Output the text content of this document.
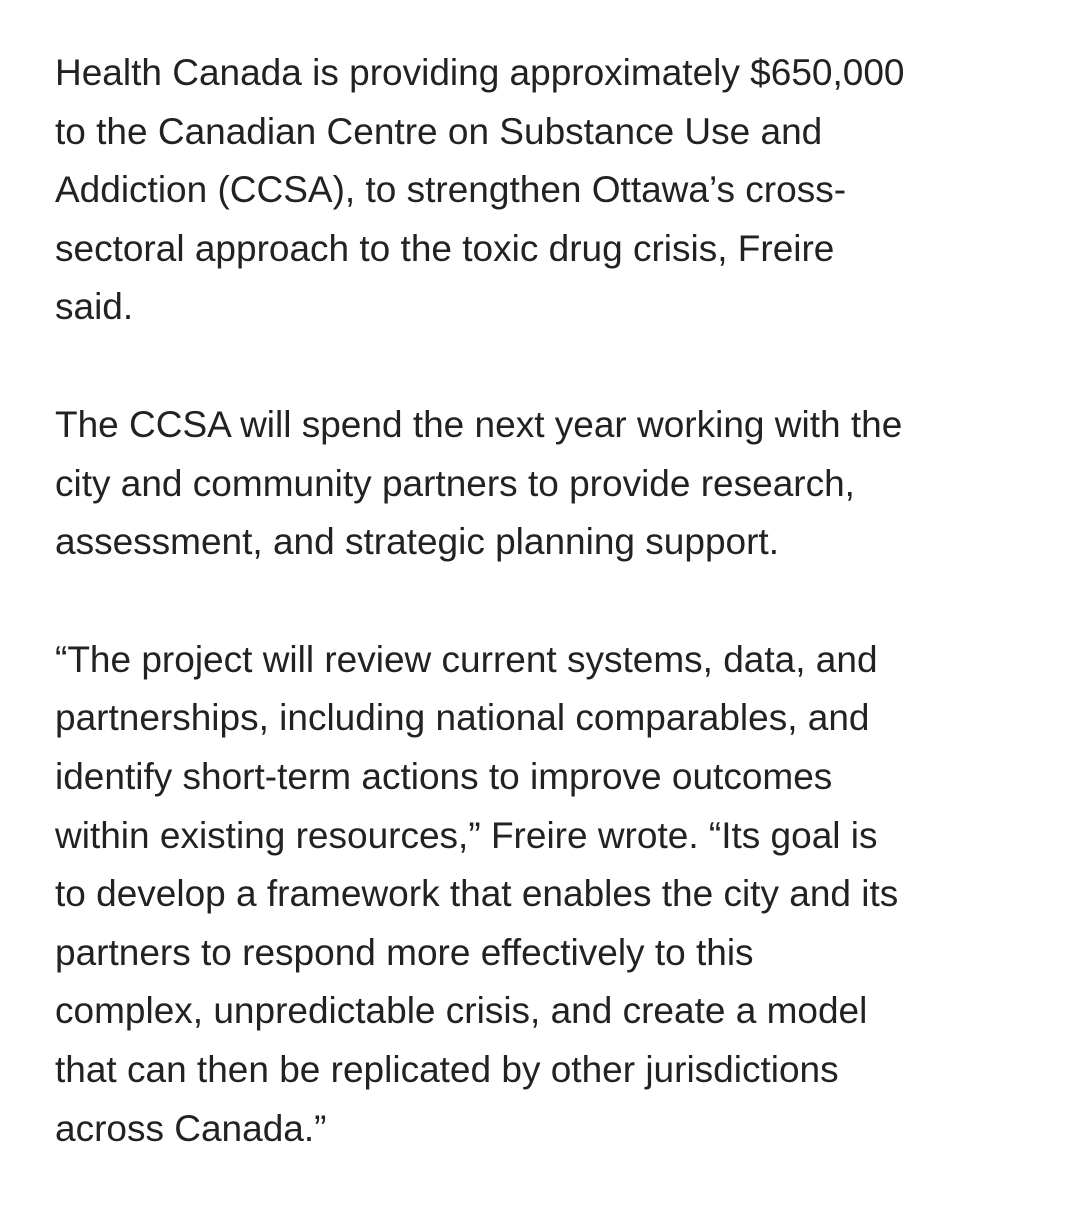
Health Canada is providing approximately $650,000
to the Canadian Centre on Substance Use and
Addiction (CCSA), to strengthen Ottawa’s cross-
sectoral approach to the toxic drug crisis, Freire
said.

The CCSA will spend the next year working with the
city and community partners to provide research,
assessment, and strategic planning support.

“The project will review current systems, data, and
partnerships, including national comparables, and
identify short-term actions to improve outcomes
within existing resources,” Freire wrote. “Its goal is
to develop a framework that enables the city and its
partners to respond more effectively to this
complex, unpredictable crisis, and create a model
that can then be replicated by other jurisdictions
across Canada.”
